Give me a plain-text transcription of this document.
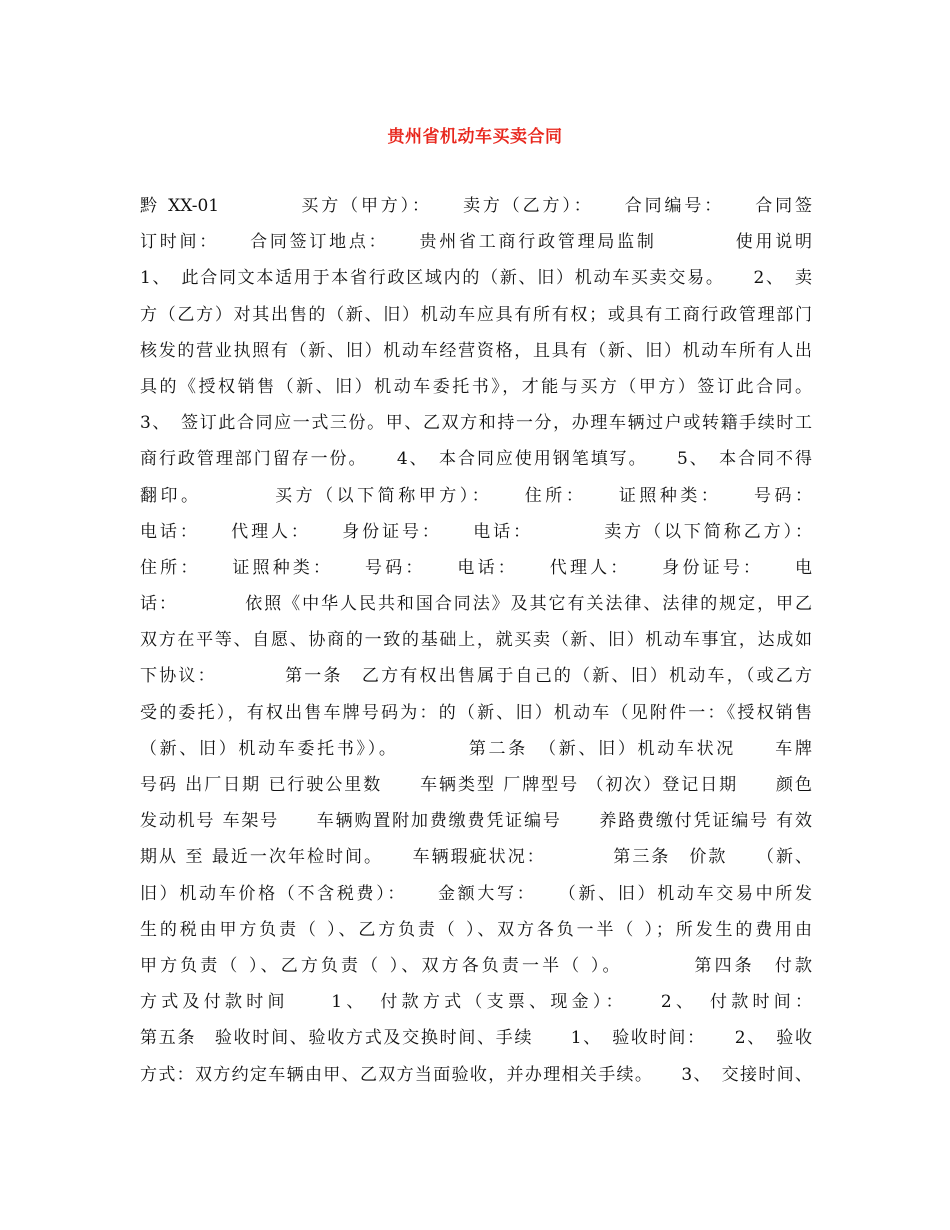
贵州省机动车买卖合同
黔 XX-01　　　　买方（甲方）：　　卖方（乙方）：　　合同编号：　　合同签
订时间：　　合同签订地点：　　贵州省工商行政管理局监制　　　　使用说明
1、　此合同文本适用于本省行政区域内的（新、旧）机动车买卖交易。　　2、　卖
方（乙方）对其出售的（新、旧）机动车应具有所有权；或具有工商行政管理部门
核发的营业执照有（新、旧）机动车经营资格，且具有（新、旧）机动车所有人出
具的《授权销售（新、旧）机动车委托书》，才能与买方（甲方）签订此合同。
3、　签订此合同应一式三份。甲、乙双方和持一分，办理车辆过户或转籍手续时工
商行政管理部门留存一份。　　4、　本合同应使用钢笔填写。　　5、　本合同不得
翻印。　　　　买方（以下简称甲方）：　　住所：　　证照种类：　　号码：
电话：　　代理人：　　身份证号：　　电话：　　　　卖方（以下简称乙方）：
住所：　　证照种类：　　号码：　　电话：　　代理人：　　身份证号：　　电
话：　　　　依照《中华人民共和国合同法》及其它有关法律、法律的规定，甲乙
双方在平等、自愿、协商的一致的基础上，就买卖（新、旧）机动车事宜，达成如
下协议：　　　　第一条　乙方有权出售属于自己的（新、旧）机动车，（或乙方
受的委托），有权出售车牌号码为：的（新、旧）机动车（见附件一：《授权销售
（新、旧）机动车委托书》）。　　　　第二条　（新、旧）机动车状况　　车牌
号码 出厂日期 已行驶公里数　　车辆类型 厂牌型号 （初次）登记日期　　颜色
发动机号 车架号　　车辆购置附加费缴费凭证编号　　养路费缴付凭证编号 有效
期从 至 最近一次年检时间。　　车辆瑕疵状况：　　　　第三条　价款　　（新、
旧）机动车价格（不含税费）：　　金额大写：　　（新、旧）机动车交易中所发
生的税由甲方负责（ ）、乙方负责（ ）、双方各负一半（ ）；所发生的费用由
甲方负责（ ）、乙方负责（ ）、双方各负责一半（ ）。　　　　第四条　付款
方式及付款时间　　1、　付款方式（支票、现金）：　　2、　付款时间：
第五条　验收时间、验收方式及交换时间、手续　　1、　验收时间：　　2、　验收
方式：双方约定车辆由甲、乙双方当面验收，并办理相关手续。　　3、　交接时间、
